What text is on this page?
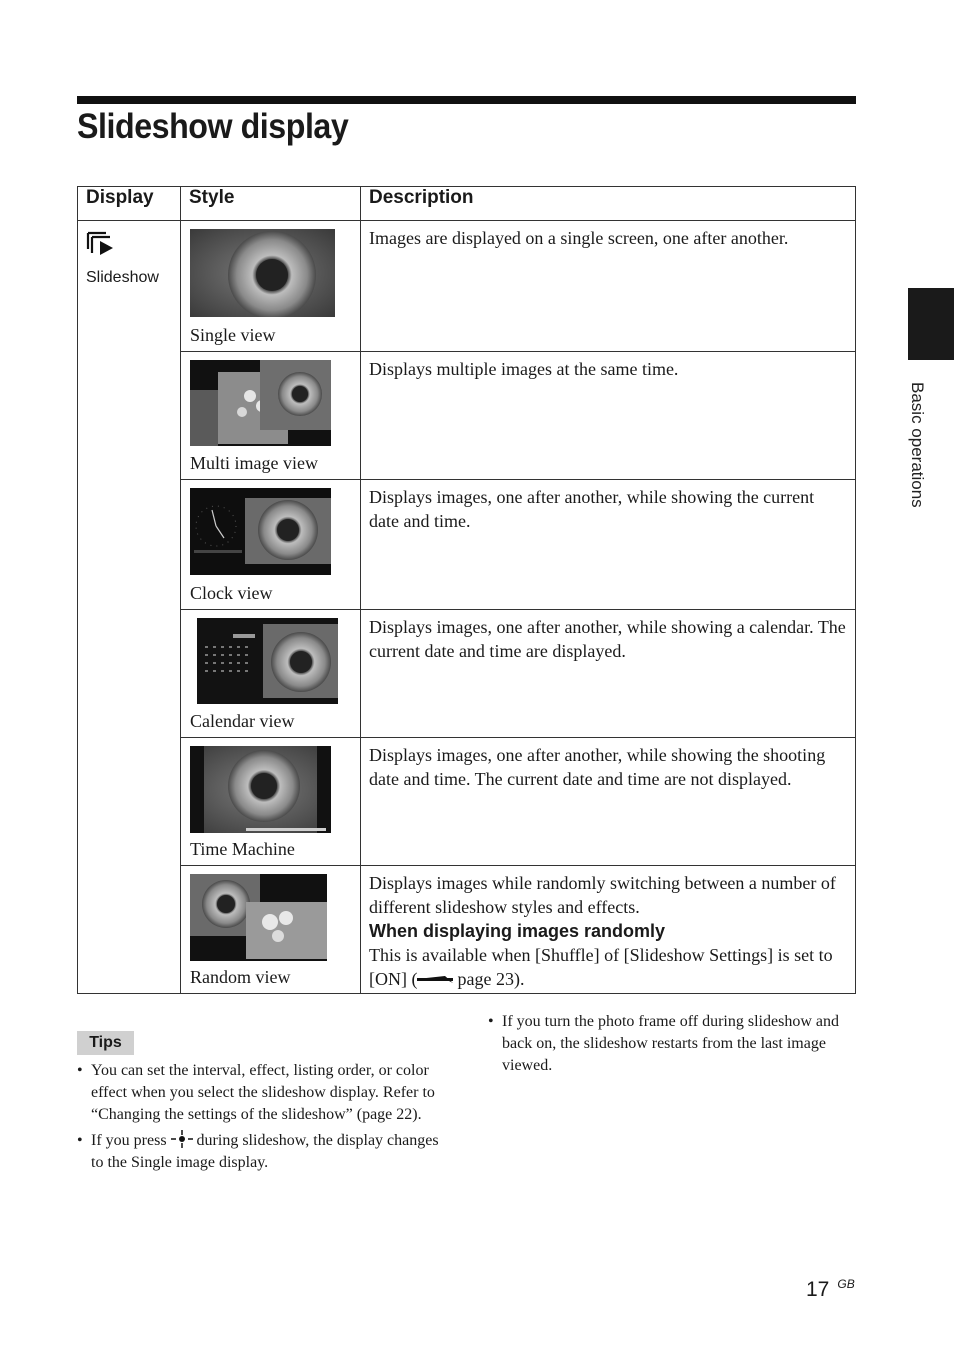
Slideshow display
Basic operations
Display	Style	Description

Slideshow	Single view	Images are displayed on a single screen, one after another.

	Multi image view	Displays multiple images at the same time.

	Clock view	Displays images, one after another, while showing the current date and time.

	Calendar view	Displays images, one after another, while showing a calendar. The current date and time are displayed.

	Time Machine	Displays images, one after another, while showing the shooting date and time. The current date and time are not displayed.

	Random view	Displays images while randomly switching between a number of different slideshow styles and effects.
When displaying images randomly
This is available when [Shuffle] of [Slideshow Settings] is set to [ON] ( page 23).
Tips
• You can set the interval, effect, listing order, or color effect when you select the slideshow display. Refer to “Changing the settings of the slideshow” (page 22).
• If you press during slideshow, the display changes to the Single image display.
• If you turn the photo frame off during slideshow and back on, the slideshow restarts from the last image viewed.
17 $^{GB}$
